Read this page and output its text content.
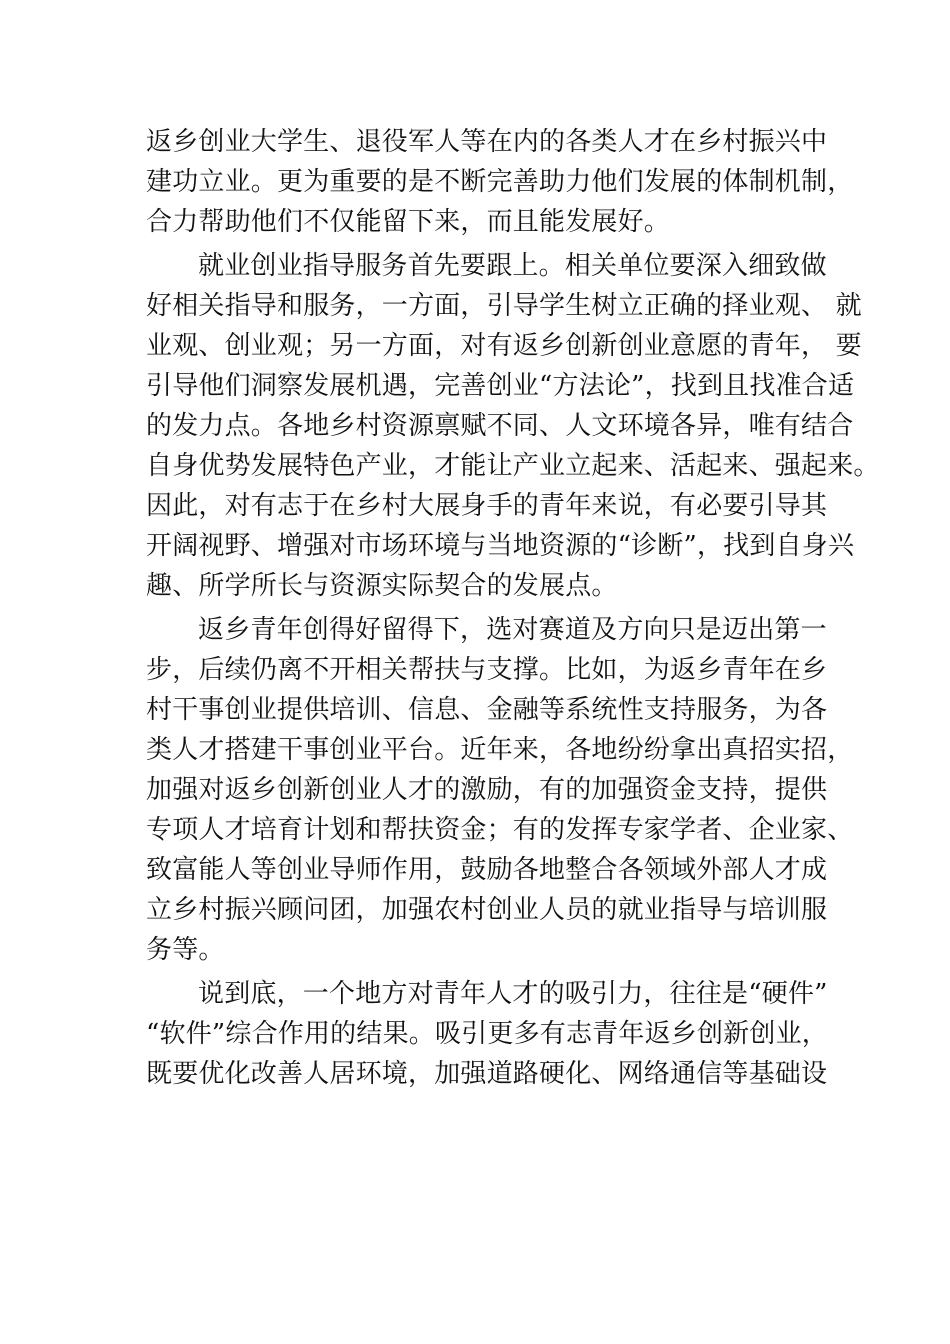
返乡创业大学生、退役军人等在内的各类人才在乡村振兴中
建功立业。更为重要的是不断完善助力他们发展的体制机制，
合力帮助他们不仅能留下来，而且能发展好。

就业创业指导服务首先要跟上。相关单位要深入细致做
好相关指导和服务，一方面，引导学生树立正确的择业观、 就
业观、创业观；另一方面，对有返乡创新创业意愿的青年， 要
引导他们洞察发展机遇，完善创业“方法论”，找到且找准合适
的发力点。各地乡村资源禀赋不同、人文环境各异，唯有结合
自身优势发展特色产业，才能让产业立起来、活起来、强起来。
因此，对有志于在乡村大展身手的青年来说，有必要引导其
开阔视野、增强对市场环境与当地资源的“诊断”，找到自身兴
趣、所学所长与资源实际契合的发展点。

返乡青年创得好留得下，选对赛道及方向只是迈出第一
步，后续仍离不开相关帮扶与支撑。比如，为返乡青年在乡
村干事创业提供培训、信息、金融等系统性支持服务，为各
类人才搭建干事创业平台。近年来，各地纷纷拿出真招实招，
加强对返乡创新创业人才的激励，有的加强资金支持，提供
专项人才培育计划和帮扶资金；有的发挥专家学者、企业家、
致富能人等创业导师作用，鼓励各地整合各领域外部人才成
立乡村振兴顾问团，加强农村创业人员的就业指导与培训服
务等。

说到底，一个地方对青年人才的吸引力，往往是“硬件”
“软件”综合作用的结果。吸引更多有志青年返乡创新创业，
既要优化改善人居环境，加强道路硬化、网络通信等基础设
